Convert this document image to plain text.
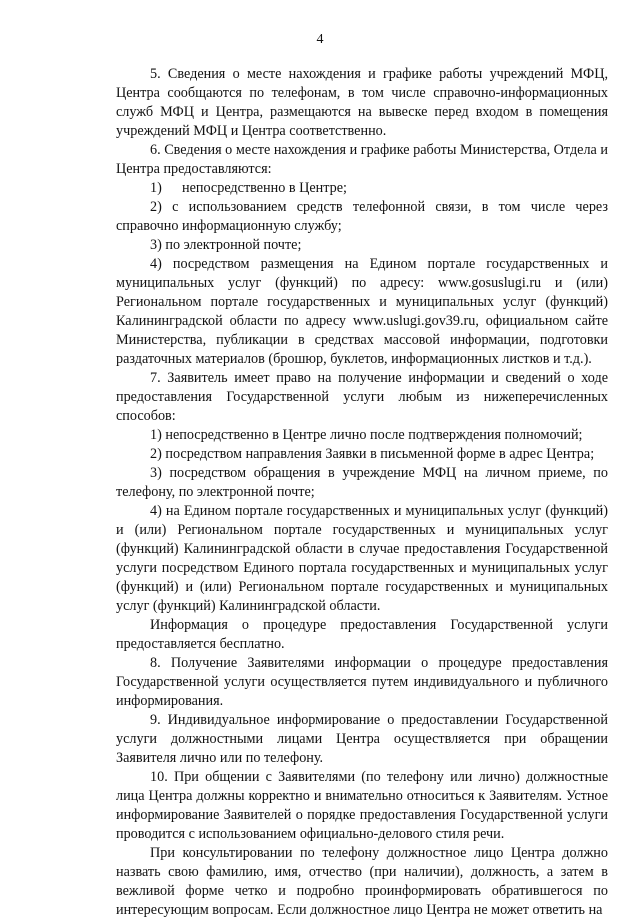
4

5. Сведения о месте нахождения и графике работы учреждений МФЦ, Центра сообщаются по телефонам, в том числе справочно-информационных служб МФЦ и Центра, размещаются на вывеске перед входом в помещения учреждений МФЦ и Центра соответственно.

6. Сведения о месте нахождения и графике работы Министерства, Отдела и Центра предоставляются:

1)	непосредственно в Центре;

2) с использованием средств телефонной связи, в том числе через справочно информационную службу;

3) по электронной почте;

4) посредством размещения на Едином портале государственных и муниципальных услуг (функций) по адресу: www.gosuslugi.ru и (или) Региональном портале государственных и муниципальных услуг (функций) Калининградской области по адресу www.uslugi.gov39.ru, официальном сайте Министерства, публикации в средствах массовой информации, подготовки раздаточных материалов (брошюр, буклетов, информационных листков и т.д.).

7. Заявитель имеет право на получение информации и сведений о ходе предоставления Государственной услуги любым из нижеперечисленных способов:

1) непосредственно в Центре лично после подтверждения полномочий;

2) посредством направления Заявки в письменной форме в адрес Центра;

3) посредством обращения в учреждение МФЦ на личном приеме, по телефону, по электронной почте;

4) на Едином портале государственных и муниципальных услуг (функций) и (или) Региональном портале государственных и муниципальных услуг (функций) Калининградской области в случае предоставления Государственной услуги посредством Единого портала государственных и муниципальных услуг (функций) и (или) Региональном портале государственных и муниципальных услуг (функций) Калининградской области.

Информация о процедуре предоставления Государственной услуги предоставляется бесплатно.

8. Получение Заявителями информации о процедуре предоставления Государственной услуги осуществляется путем индивидуального и публичного информирования.

9. Индивидуальное информирование о предоставлении Государственной услуги должностными лицами Центра осуществляется при обращении Заявителя лично или по телефону.

10. При общении с Заявителями (по телефону или лично) должностные лица Центра должны корректно и внимательно относиться к Заявителям. Устное информирование Заявителей о порядке предоставления Государственной услуги проводится с использованием официально-делового стиля речи.

При консультировании по телефону должностное лицо Центра должно назвать свою фамилию, имя, отчество (при наличии), должность, а затем в вежливой форме четко и подробно проинформировать обратившегося по интересующим вопросам. Если должностное лицо Центра не может ответить на
